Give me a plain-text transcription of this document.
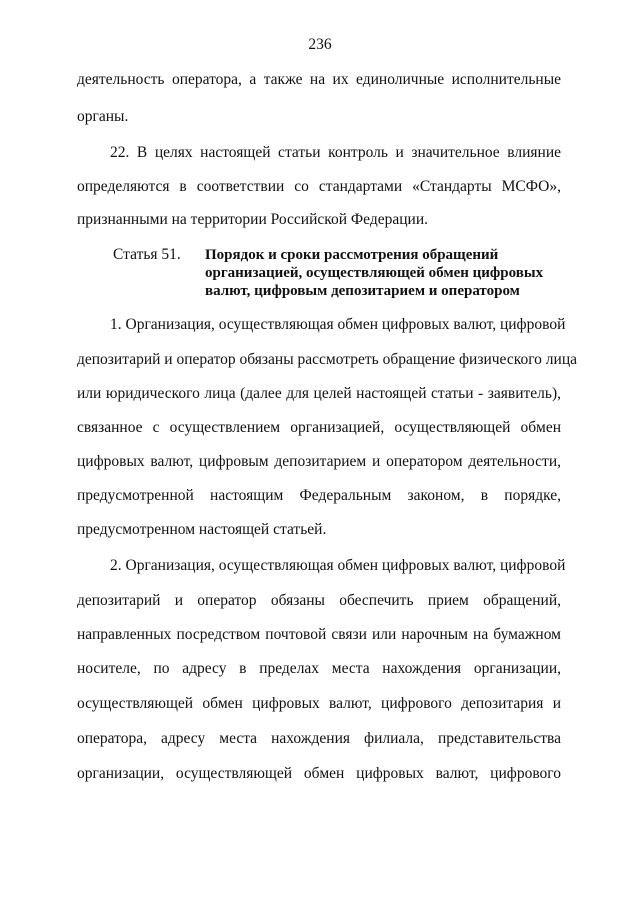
236
деятельность оператора, а также на их единоличные исполнительные
органы.
22. В целях настоящей статьи контроль и значительное влияние
определяются в соответствии со стандартами «Стандарты МСФО»,
признанными на территории Российской Федерации.
Статья 51. Порядок и сроки рассмотрения обращений
организацией, осуществляющей обмен цифровых
валют, цифровым депозитарием и оператором
1. Организация, осуществляющая обмен цифровых валют, цифровой
депозитарий и оператор обязаны рассмотреть обращение физического лица
или юридического лица (далее для целей настоящей статьи - заявитель),
связанное с осуществлением организацией, осуществляющей обмен
цифровых валют, цифровым депозитарием и оператором деятельности,
предусмотренной настоящим Федеральным законом, в порядке,
предусмотренном настоящей статьей.
2. Организация, осуществляющая обмен цифровых валют, цифровой
депозитарий и оператор обязаны обеспечить прием обращений,
направленных посредством почтовой связи или нарочным на бумажном
носителе, по адресу в пределах места нахождения организации,
осуществляющей обмен цифровых валют, цифрового депозитария и
оператора, адресу места нахождения филиала, представительства
организации, осуществляющей обмен цифровых валют, цифрового
